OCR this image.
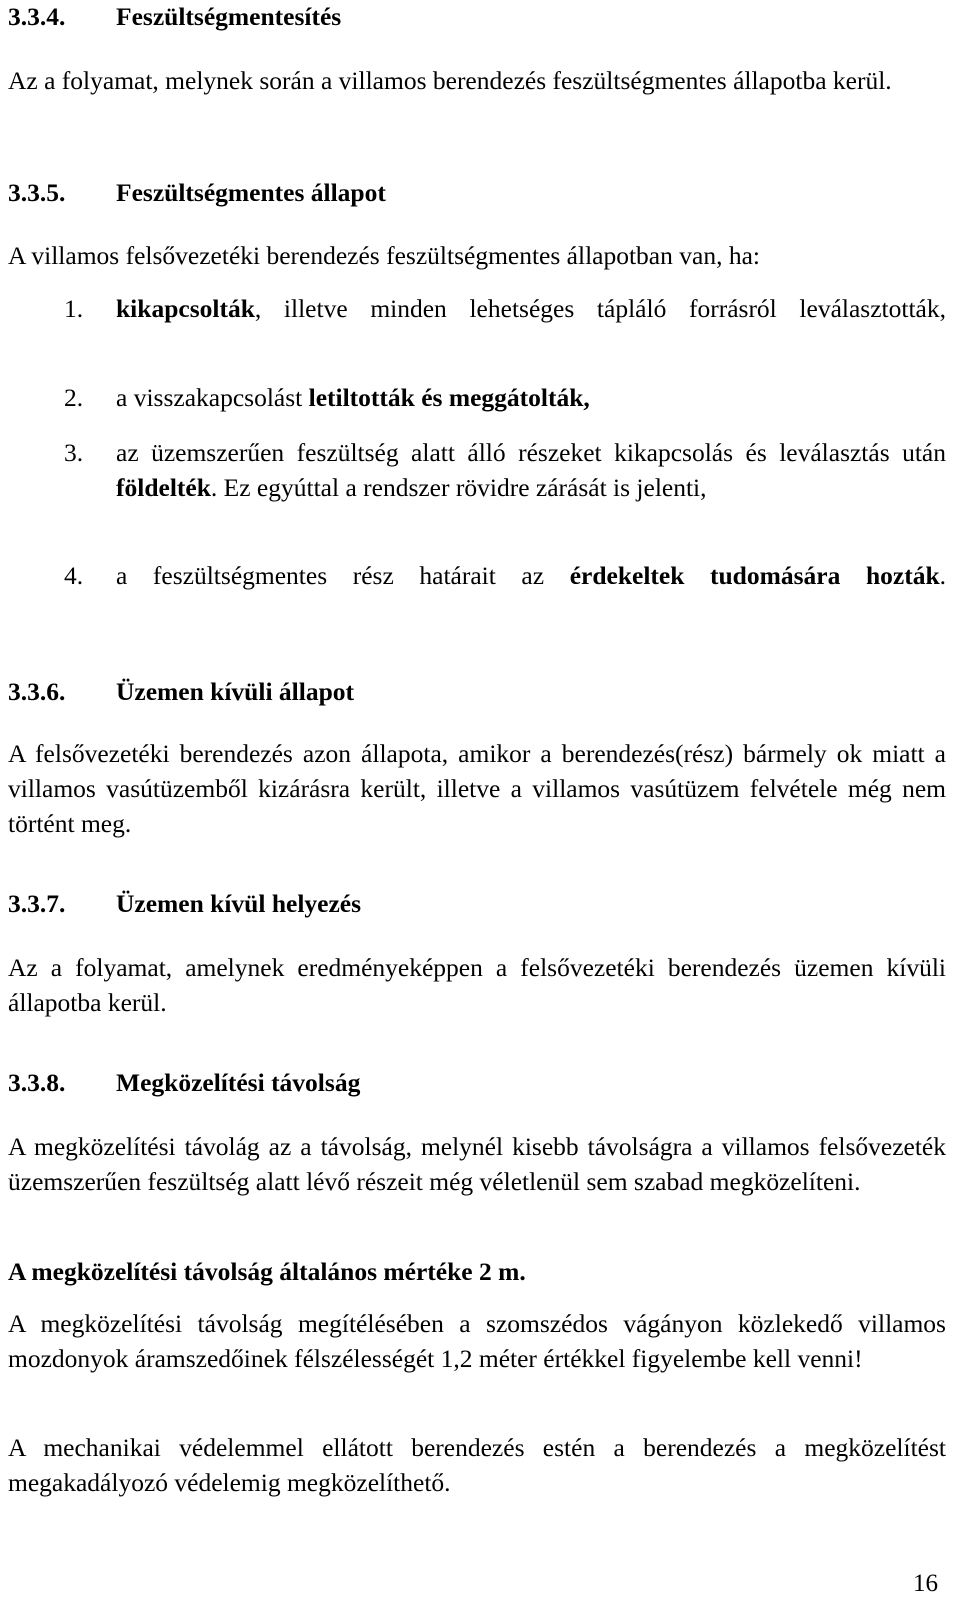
3.3.4. Feszültségmentesítés
Az a folyamat, melynek során a villamos berendezés feszültségmentes állapotba kerül.
3.3.5. Feszültségmentes állapot
A villamos felsővezetéki berendezés feszültségmentes állapotban van, ha:
1. kikapcsolták, illetve minden lehetséges tápláló forrásról leválasztották,
2. a visszakapcsolást letiltották és meggátolták,
3. az üzemszerűen feszültség alatt álló részeket kikapcsolás és leválasztás után földelték. Ez egyúttal a rendszer rövidre zárását is jelenti,
4. a feszültségmentes rész határait az érdekeltek tudomására hozták.
3.3.6. Üzemen kívüli állapot
A felsővezetéki berendezés azon állapota, amikor a berendezés(rész) bármely ok miatt a villamos vasútüzemből kizárásra került, illetve a villamos vasútüzem felvétele még nem történt meg.
3.3.7. Üzemen kívül helyezés
Az a folyamat, amelynek eredményeképpen a felsővezetéki berendezés üzemen kívüli állapotba kerül.
3.3.8. Megközelítési távolság
A megközelítési távolág az a távolság, melynél kisebb távolságra a villamos felsővezeték üzemszerűen feszültség alatt lévő részeit még véletlenül sem szabad megközelíteni.
A megközelítési távolság általános mértéke 2 m.
A megközelítési távolság megítélésében a szomszédos vágányon közlekedő villamos mozdonyok áramszedőinek félszélességét 1,2 méter értékkel figyelembe kell venni!
A mechanikai védelemmel ellátott berendezés estén a berendezés a megközelítést megakadályozó védelemig megközelíthető.
16
